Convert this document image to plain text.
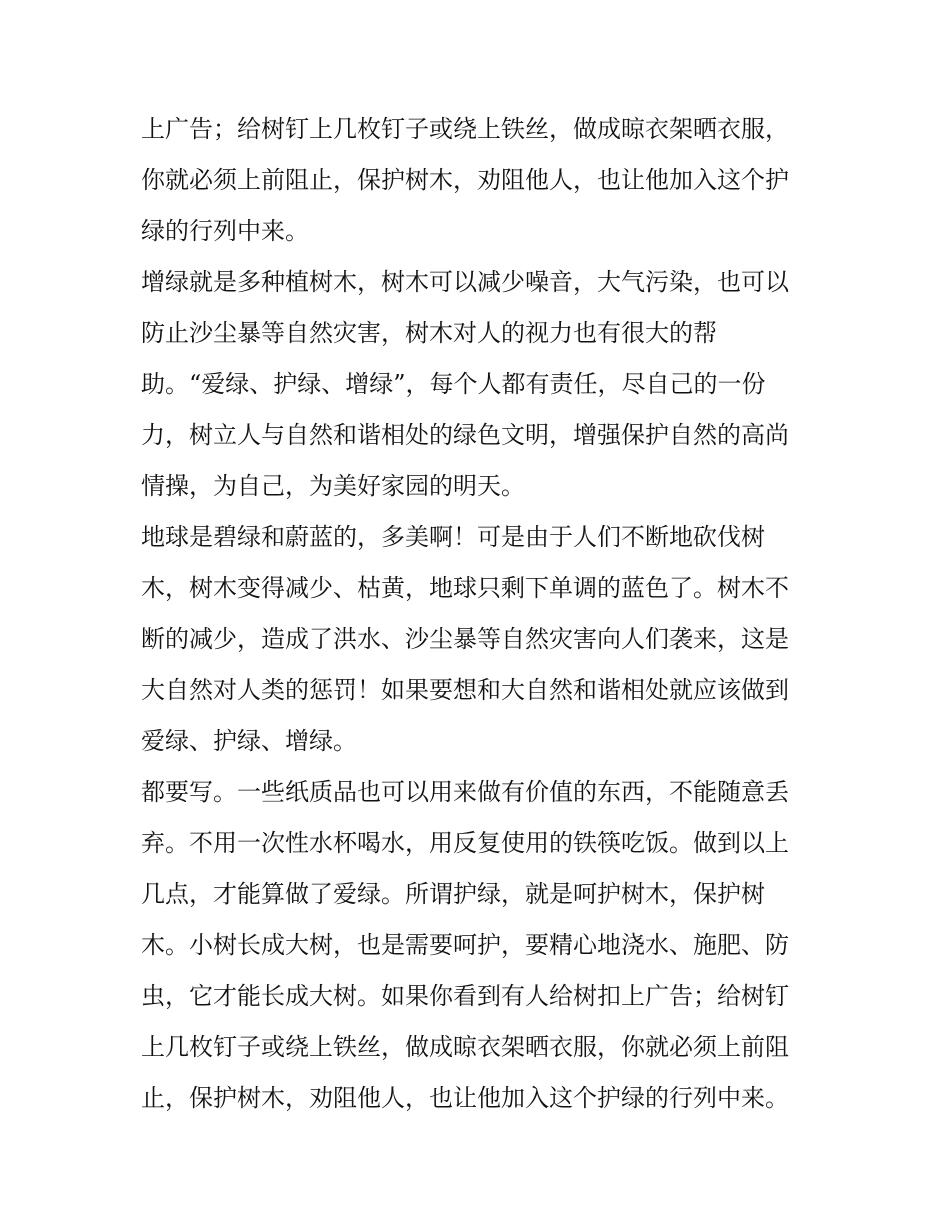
上广告；给树钉上几枚钉子或绕上铁丝，做成晾衣架晒衣服，
你就必须上前阻止，保护树木，劝阻他人，也让他加入这个护
绿的行列中来。
增绿就是多种植树木，树木可以减少噪音，大气污染，也可以
防止沙尘暴等自然灾害，树木对人的视力也有很大的帮
助。“爱绿、护绿、增绿”，每个人都有责任，尽自己的一份
力，树立人与自然和谐相处的绿色文明，增强保护自然的高尚
情操，为自己，为美好家园的明天。
地球是碧绿和蔚蓝的，多美啊！可是由于人们不断地砍伐树
木，树木变得减少、枯黄，地球只剩下单调的蓝色了。树木不
断的减少，造成了洪水、沙尘暴等自然灾害向人们袭来，这是
大自然对人类的惩罚！如果要想和大自然和谐相处就应该做到
爱绿、护绿、增绿。
都要写。一些纸质品也可以用来做有价值的东西，不能随意丢
弃。不用一次性水杯喝水，用反复使用的铁筷吃饭。做到以上
几点，才能算做了爱绿。所谓护绿，就是呵护树木，保护树
木。小树长成大树，也是需要呵护，要精心地浇水、施肥、防
虫，它才能长成大树。如果你看到有人给树扣上广告；给树钉
上几枚钉子或绕上铁丝，做成晾衣架晒衣服，你就必须上前阻
止，保护树木，劝阻他人，也让他加入这个护绿的行列中来。
